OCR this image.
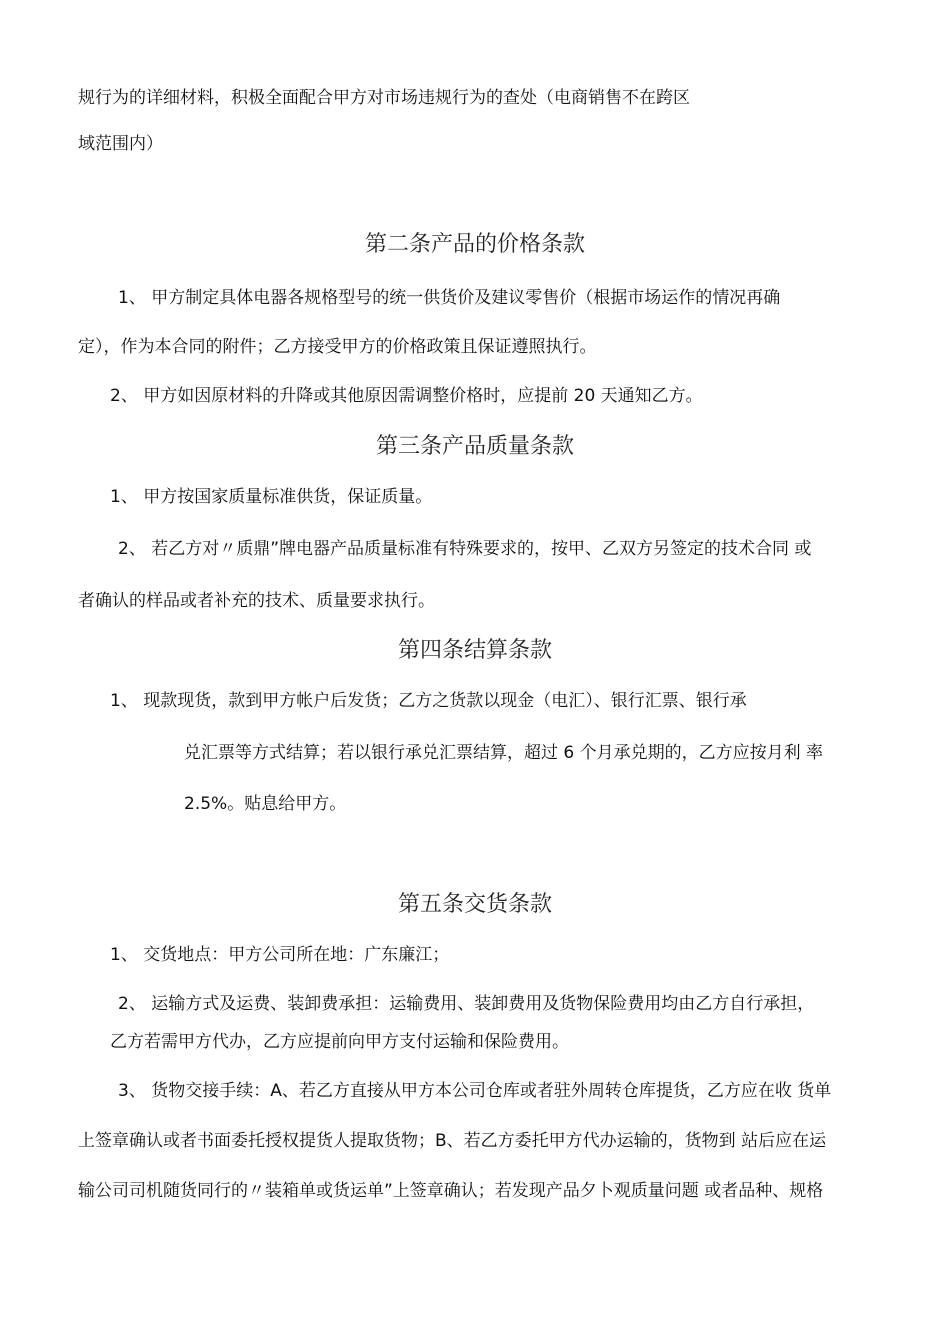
规行为的详细材料，积极全面配合甲方对市场违规行为的查处（电商销售不在跨区
域范围内）
第二条产品的价格条款
1、 甲方制定具体电器各规格型号的统一供货价及建议零售价（根据市场运作的情况再确
定），作为本合同的附件；乙方接受甲方的价格政策且保证遵照执行。
2、 甲方如因原材料的升降或其他原因需调整价格时，应提前 20 天通知乙方。
第三条产品质量条款
1、 甲方按国家质量标准供货，保证质量。
2、 若乙方对〃质鼎”牌电器产品质量标准有特殊要求的，按甲、乙双方另签定的技术合同 或
者确认的样品或者补充的技术、质量要求执行。
第四条结算条款
1、 现款现货，款到甲方帐户后发货；乙方之货款以现金（电汇）、银行汇票、银行承
兑汇票等方式结算；若以银行承兑汇票结算，超过 6 个月承兑期的，乙方应按月利 率
2.5%。贴息给甲方。
第五条交货条款
1、 交货地点：甲方公司所在地：广东廉江；
2、 运输方式及运费、装卸费承担：运输费用、装卸费用及货物保险费用均由乙方自行承担，
乙方若需甲方代办，乙方应提前向甲方支付运输和保险费用。
3、 货物交接手续：A、若乙方直接从甲方本公司仓库或者驻外周转仓库提货，乙方应在收 货单
上签章确认或者书面委托授权提货人提取货物；B、若乙方委托甲方代办运输的，货物到 站后应在运
输公司司机随货同行的〃装箱单或货运单”上签章确认；若发现产品夕卜观质量问题 或者品种、规格
